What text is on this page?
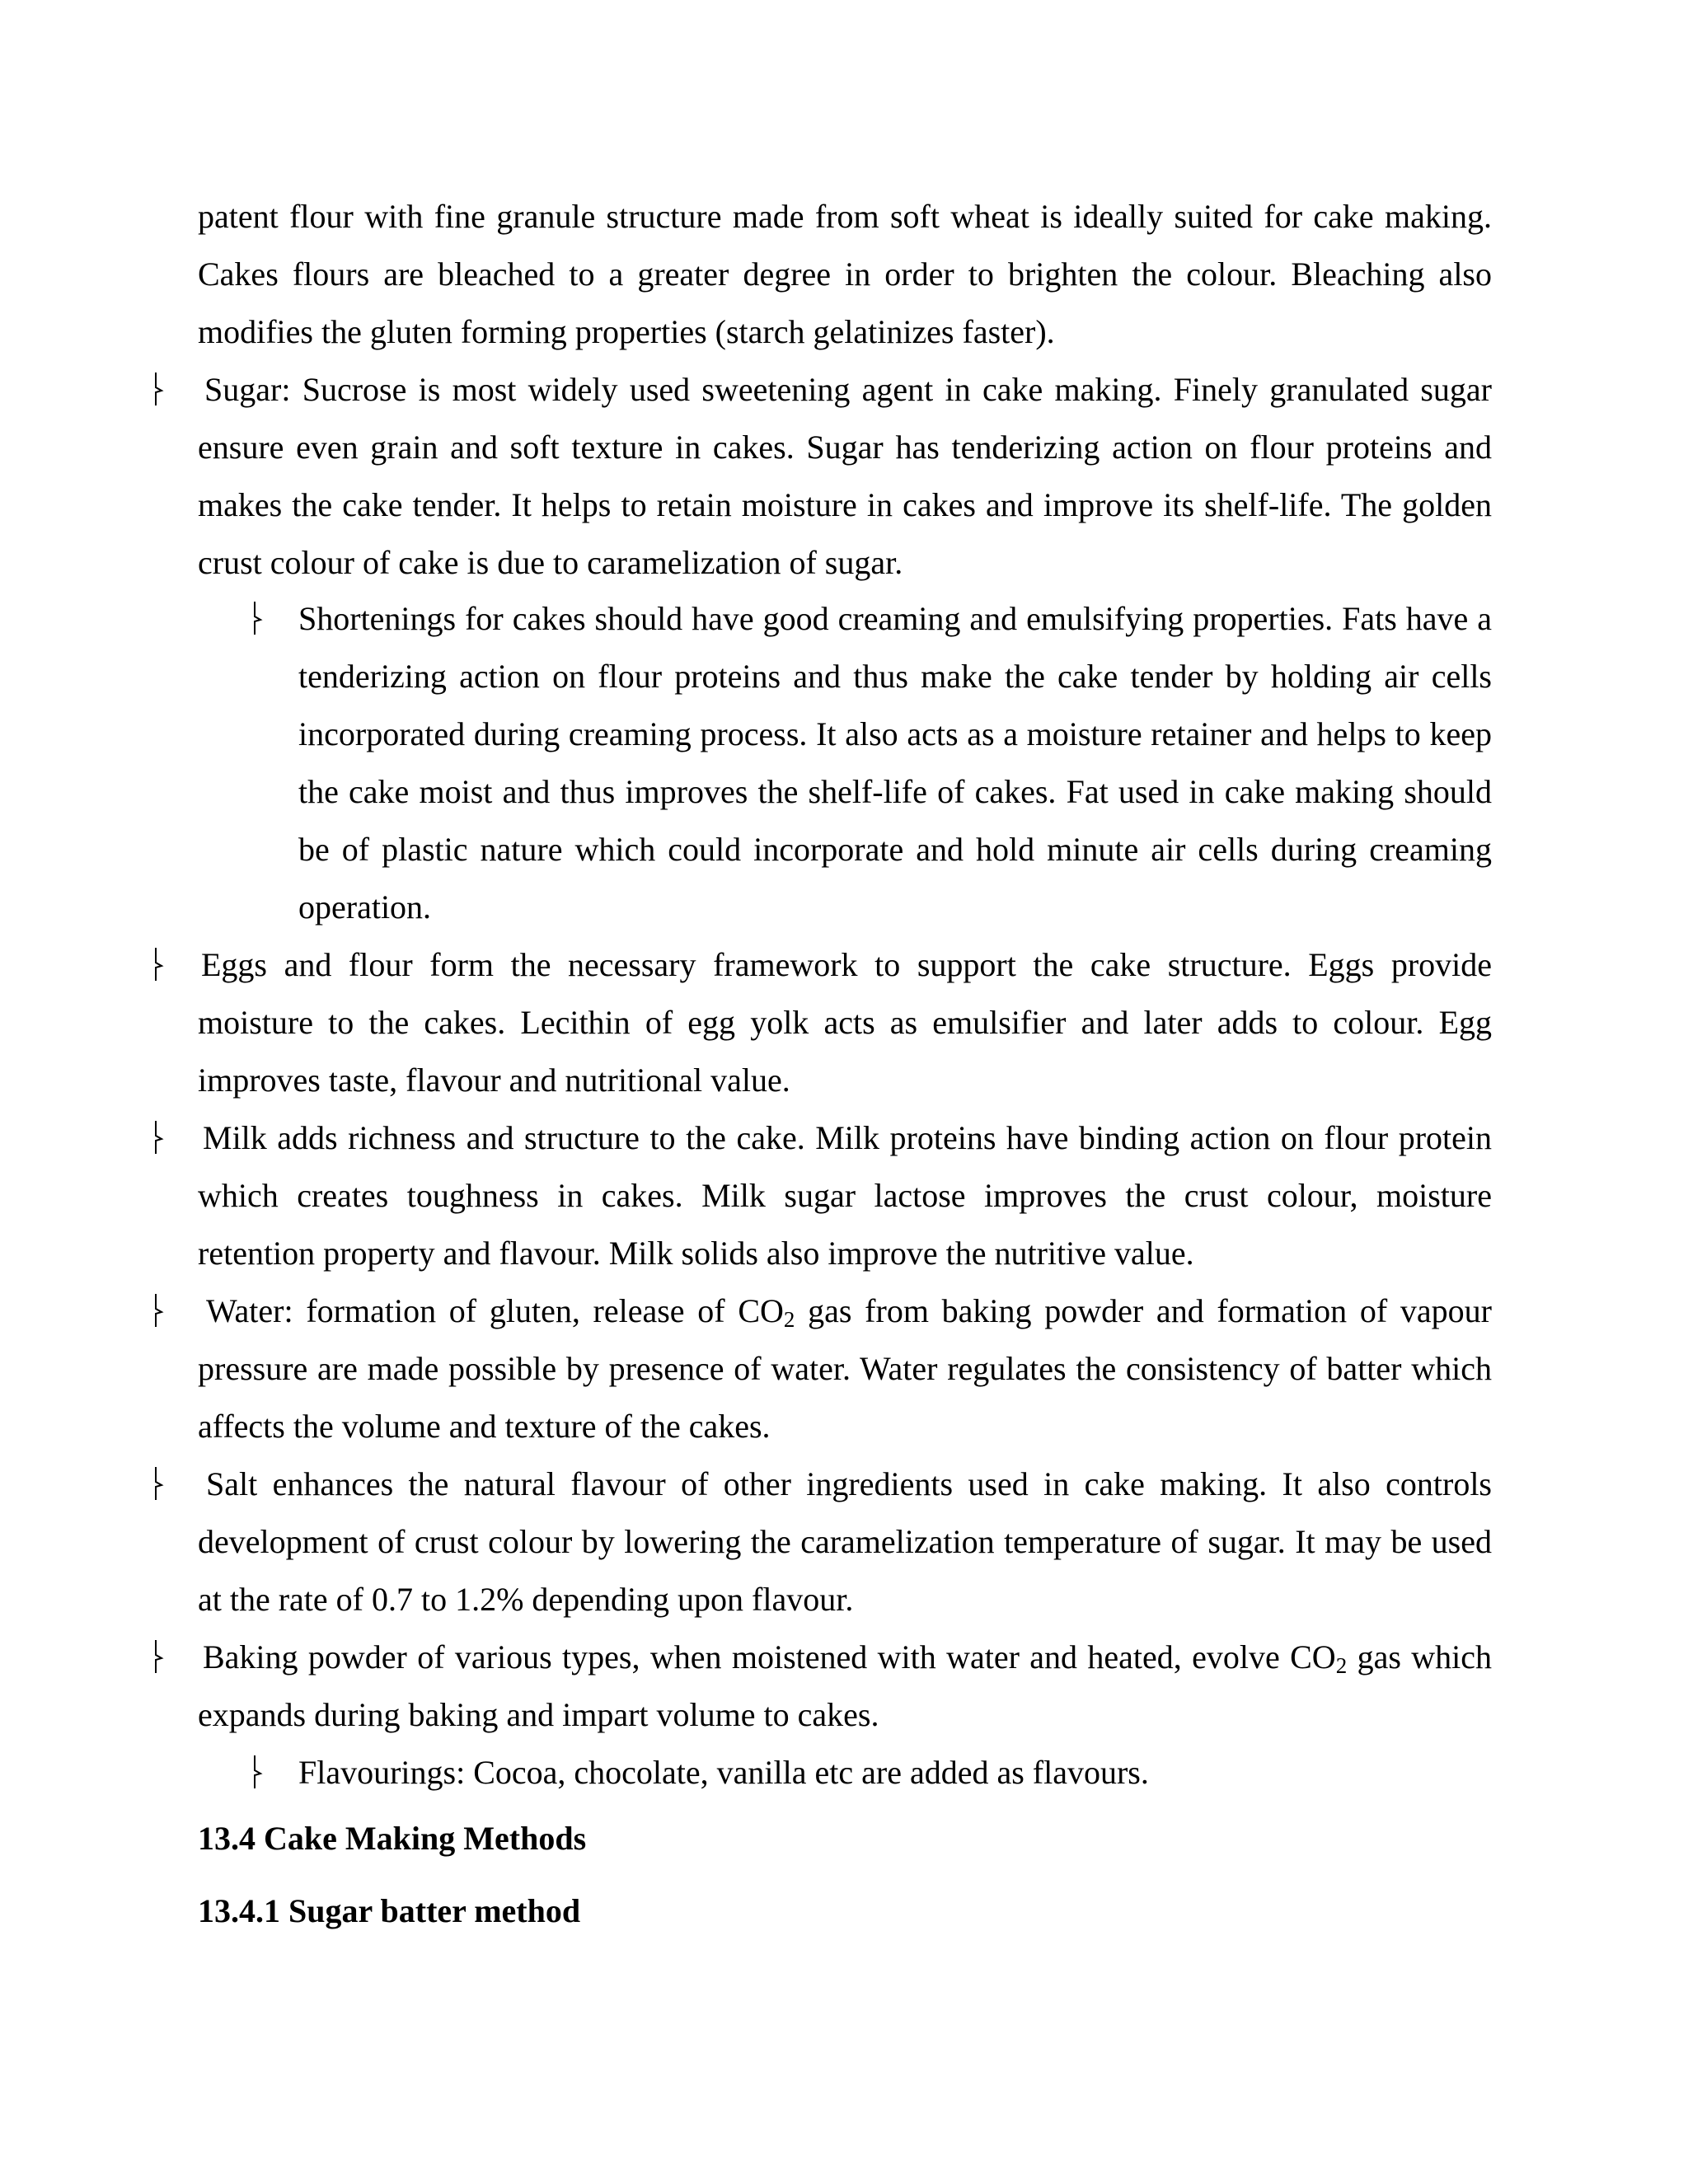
patent flour with fine granule structure made from soft wheat is ideally suited for cake making. Cakes flours are bleached to a greater degree in order to brighten the colour. Bleaching also modifies the gluten forming properties (starch gelatinizes faster).

Sugar: Sucrose is most widely used sweetening agent in cake making. Finely granulated sugar ensure even grain and soft texture in cakes. Sugar has tenderizing action on flour proteins and makes the cake tender. It helps to retain moisture in cakes and improve its shelf-life. The golden crust colour of cake is due to caramelization of sugar.

Shortenings for cakes should have good creaming and emulsifying properties. Fats have a tenderizing action on flour proteins and thus make the cake tender by holding air cells incorporated during creaming process. It also acts as a moisture retainer and helps to keep the cake moist and thus improves the shelf-life of cakes. Fat used in cake making should be of plastic nature which could incorporate and hold minute air cells during creaming operation.

Eggs and flour form the necessary framework to support the cake structure. Eggs provide moisture to the cakes. Lecithin of egg yolk acts as emulsifier and later adds to colour. Egg improves taste, flavour and nutritional value.

Milk adds richness and structure to the cake. Milk proteins have binding action on flour protein which creates toughness in cakes. Milk sugar lactose improves the crust colour, moisture retention property and flavour. Milk solids also improve the nutritive value.

Water: formation of gluten, release of $CO_2$ gas from baking powder and formation of vapour pressure are made possible by presence of water. Water regulates the consistency of batter which affects the volume and texture of the cakes.

Salt enhances the natural flavour of other ingredients used in cake making. It also controls development of crust colour by lowering the caramelization temperature of sugar. It may be used at the rate of 0.7 to 1.2% depending upon flavour.

Baking powder of various types, when moistened with water and heated, evolve $CO_2$ gas which expands during baking and impart volume to cakes.

Flavourings: Cocoa, chocolate, vanilla etc are added as flavours.

13.4 Cake Making Methods
13.4.1 Sugar batter method
